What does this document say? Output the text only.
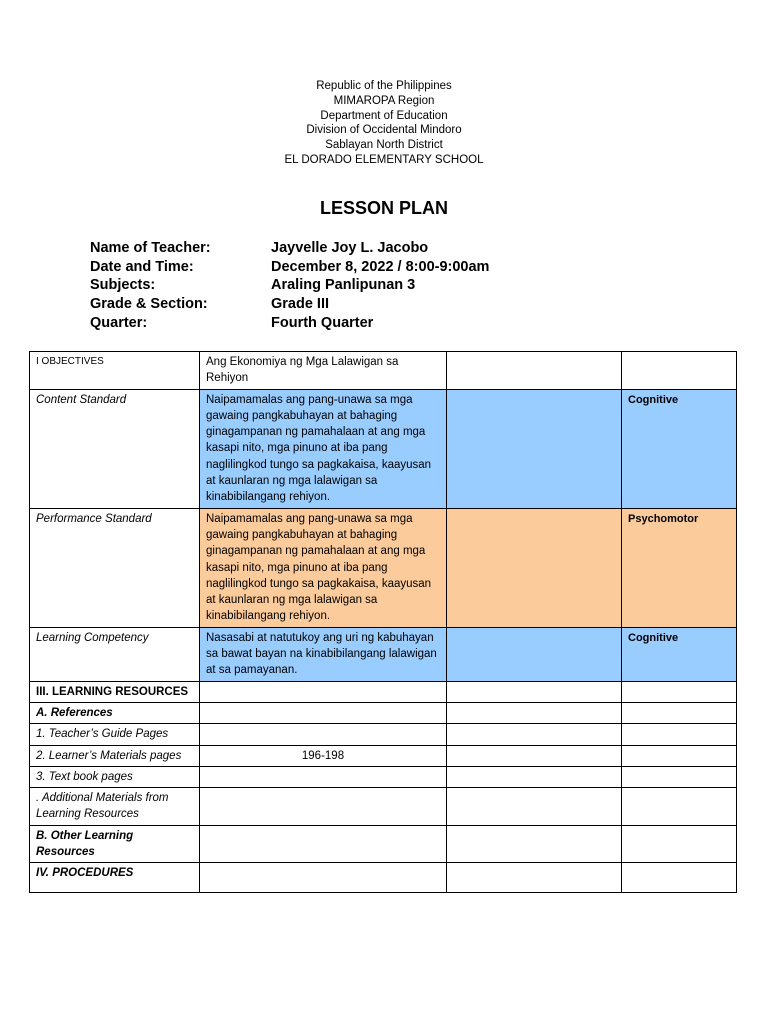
Republic of the Philippines
MIMAROPA Region
Department of Education
Division of Occidental Mindoro
Sablayan North District
EL DORADO ELEMENTARY SCHOOL
LESSON PLAN
Name of Teacher:	Jayvelle Joy L. Jacobo
Date and Time:	December 8, 2022 / 8:00-9:00am
Subjects:	Araling Panlipunan 3
Grade & Section:	Grade III
Quarter:	Fourth Quarter
I OBJECTIVES	Ang Ekonomiya ng Mga Lalawigan sa Rehiyon		
Content Standard	Naipamamalas ang pang-unawa sa mga gawaing pangkabuhayan at bahaging ginagampanan ng pamahalaan at ang mga kasapi nito, mga pinuno at iba pang naglilingkod tungo sa pagkakaisa, kaayusan at kaunlaran ng mga lalawigan sa kinabibilangang rehiyon.		Cognitive
Performance Standard	Naipamamalas ang pang-unawa sa mga gawaing pangkabuhayan at bahaging ginagampanan ng pamahalaan at ang mga kasapi nito, mga pinuno at iba pang naglilingkod tungo sa pagkakaisa, kaayusan at kaunlaran ng mga lalawigan sa kinabibilangang rehiyon.		Psychomotor
Learning Competency	Nasasabi at natutukoy ang uri ng kabuhayan sa bawat bayan na kinabibilangang lalawigan at sa pamayanan.		Cognitive
III. LEARNING RESOURCES			
A. References			
1. Teacher’s Guide Pages			
2. Learner’s Materials pages	196-198		
3. Text book pages			
. Additional Materials from Learning Resources			
B. Other Learning Resources			
IV. PROCEDURES			
